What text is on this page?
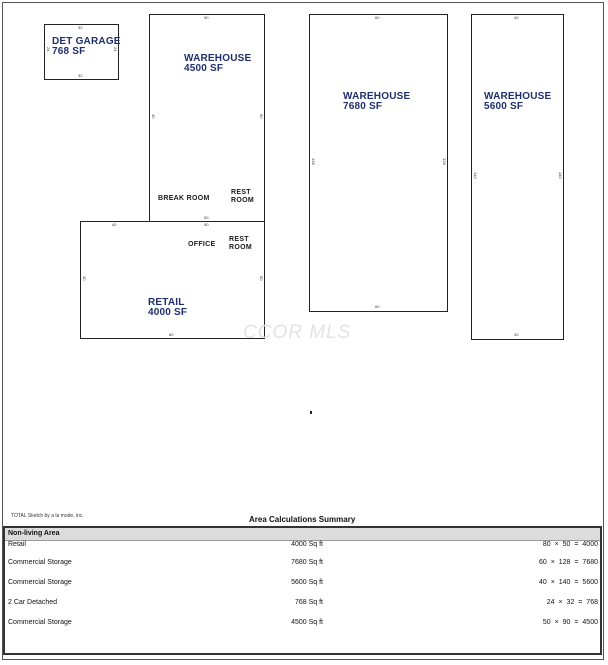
DET GARAGE
768 SF
32
32
24	24
WAREHOUSE
4500 SF
90
40	50
BREAK ROOM
REST
ROOM
RETAIL
4000 SF
OFFICE
REST
ROOM
40	50
50
40	50
80
WAREHOUSE
7680 SF
60
60
128	128
WAREHOUSE
5600 SF
40
40
140	140
CCOR MLS
TOTAL Sketch by a la mode, inc.	Area Calculations Summary
Non-living Area
Retail	4000 Sq ft	80 × 50 = 4000
Commercial Storage	7680 Sq ft	60 × 128 = 7680
Commercial Storage	5600 Sq ft	40 × 140 = 5600
2 Car Detached	768 Sq ft	24 × 32 = 768
Commercial Storage	4500 Sq ft	50 × 90 = 4500
